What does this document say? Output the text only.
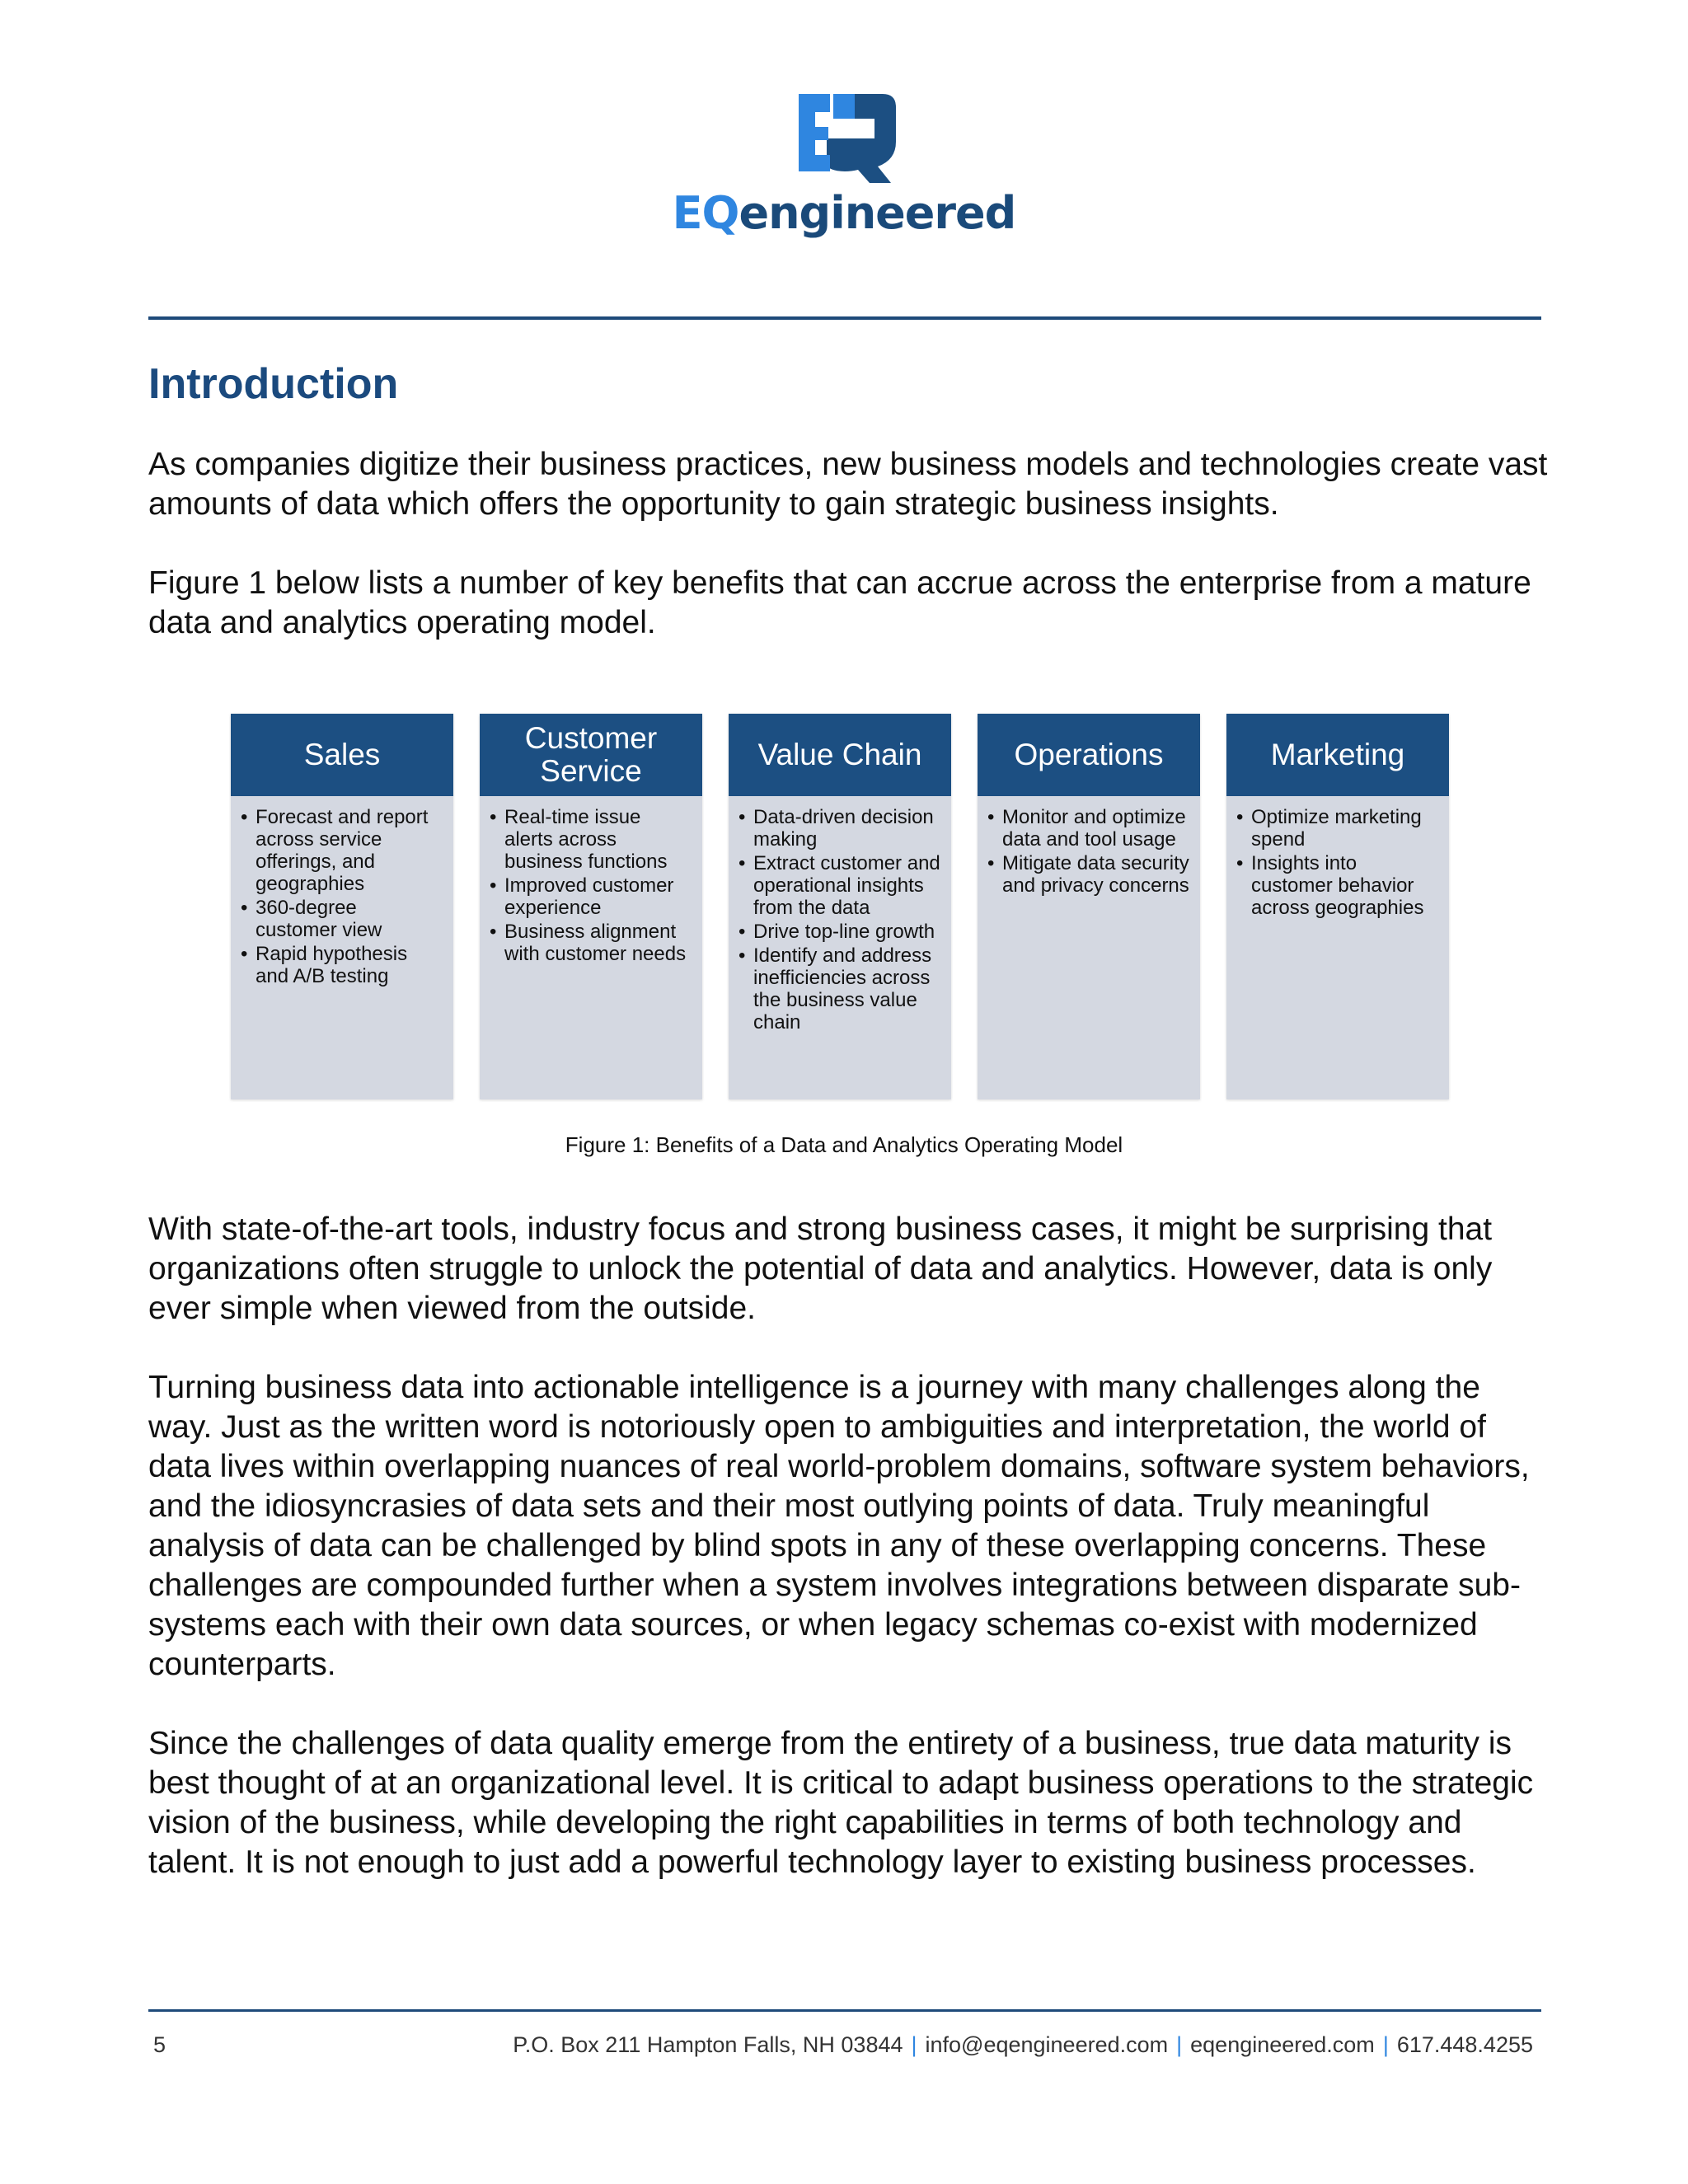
EQengineered
Introduction

As companies digitize their business practices, new business models and technologies create vast amounts of data which offers the opportunity to gain strategic business insights.

Figure 1 below lists a number of key benefits that can accrue across the enterprise from a mature data and analytics operating model.

Sales
• Forecast and report across service offerings, and geographies
• 360-degree customer view
• Rapid hypothesis and A/B testing
Customer Service
• Real-time issue alerts across business functions
• Improved customer experience
• Business alignment with customer needs
Value Chain
• Data-driven decision making
• Extract customer and operational insights from the data
• Drive top-line growth
• Identify and address inefficiencies across the business value chain
Operations
• Monitor and optimize data and tool usage
• Mitigate data security and privacy concerns
Marketing
• Optimize marketing spend
• Insights into customer behavior across geographies
Figure 1: Benefits of a Data and Analytics Operating Model

With state-of-the-art tools, industry focus and strong business cases, it might be surprising that organizations often struggle to unlock the potential of data and analytics. However, data is only ever simple when viewed from the outside.

Turning business data into actionable intelligence is a journey with many challenges along the way. Just as the written word is notoriously open to ambiguities and interpretation, the world of data lives within overlapping nuances of real world-problem domains, software system behaviors, and the idiosyncrasies of data sets and their most outlying points of data. Truly meaningful analysis of data can be challenged by blind spots in any of these overlapping concerns. These challenges are compounded further when a system involves integrations between disparate sub-systems each with their own data sources, or when legacy schemas co-exist with modernized counterparts.

Since the challenges of data quality emerge from the entirety of a business, true data maturity is best thought of at an organizational level. It is critical to adapt business operations to the strategic vision of the business, while developing the right capabilities in terms of both technology and talent. It is not enough to just add a powerful technology layer to existing business processes.

5	P.O. Box 211 Hampton Falls, NH 03844 | info@eqengineered.com | eqengineered.com | 617.448.4255
